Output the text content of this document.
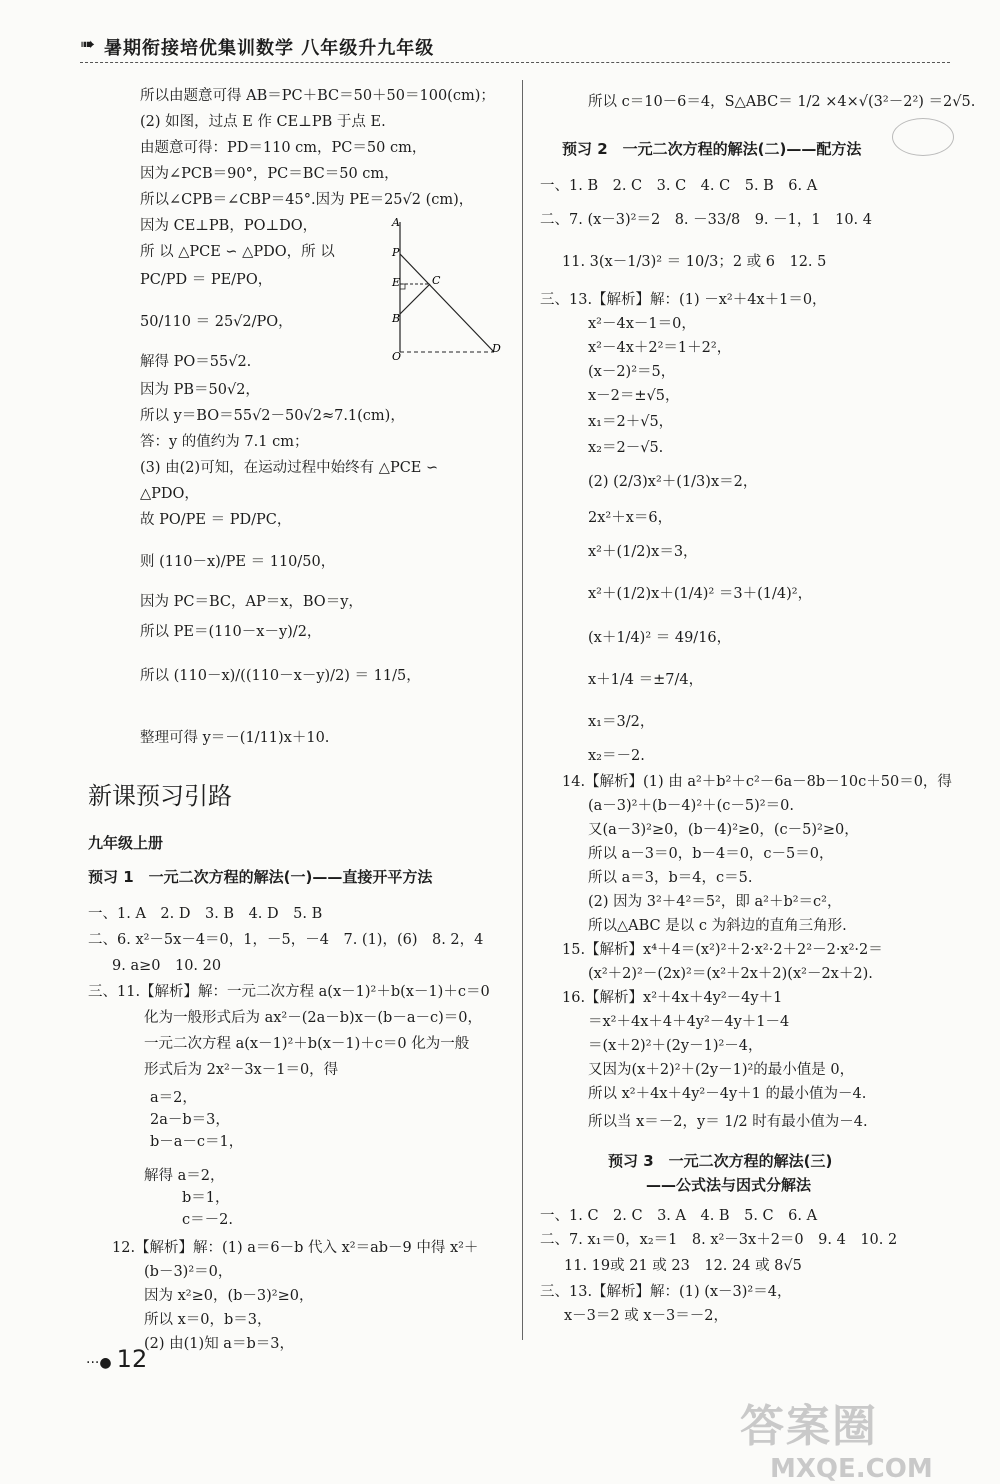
➠ 暑期衔接培优集训数学 八年级升九年级
所以由题意可得 AB＝PC＋BC＝50＋50＝100(cm)；
(2) 如图，过点 E 作 CE⊥PB 于点 E.
由题意可得：PD＝110 cm，PC＝50 cm，
因为∠PCB＝90°，PC＝BC＝50 cm，
所以∠CPB＝∠CBP＝45°.因为 PE＝25√2 (cm)，
因为 CE⊥PB，PO⊥DO，
所 以 △PCE ∽ △PDO，所 以
PC/PD ＝ PE/PO，
50/110 ＝ 25√2/PO，
解得 PO＝55√2.
因为 PB＝50√2，
所以 y＝BO＝55√2－50√2≈7.1(cm)，
答：y 的值约为 7.1 cm；
(3) 由(2)可知，在运动过程中始终有 △PCE ∽
△PDO，
故 PO/PE ＝ PD/PC，
则 (110－x)/PE ＝ 110/50，
因为 PC＝BC，AP＝x，BO＝y，
所以 PE＝(110－x－y)/2，
所以 (110－x)/((110－x－y)/2) ＝ 11/5，
整理可得 y＝－(1/11)x＋10.
A
P
E	C
B
O
D
新课预习引路
九年级上册
预习 1　一元二次方程的解法(一)——直接开平方法
一、1. A　2. D　3. B　4. D　5. B
二、6. x²－5x－4＝0，1，－5，－4　7. (1)，(6)　8. 2，4
9. a≥0　10. 20
三、11.【解析】解：一元二次方程 a(x－1)²＋b(x－1)＋c＝0
化为一般形式后为 ax²－(2a－b)x－(b－a－c)＝0，
一元二次方程 a(x－1)²＋b(x－1)＋c＝0 化为一般
形式后为 2x²－3x－1＝0，得
a＝2，
2a－b＝3，
b－a－c＝1，
解得 a＝2，
b＝1，
c＝－2.
12.【解析】解：(1) a＝6－b 代入 x²＝ab－9 中得 x²＋
(b－3)²＝0，
因为 x²≥0，(b－3)²≥0，
所以 x＝0，b＝3，
(2) 由(1)知 a＝b＝3，
所以 c＝10－6＝4，S△ABC＝ 1/2 ×4×√(3²－2²) ＝2√5.
预习 2　一元二次方程的解法(二)——配方法
一、1. B　2. C　3. C　4. C　5. B　6. A
二、7. (x－3)²＝2　8. －33/8　9. －1，1　10. 4
11. 3(x－1/3)² ＝ 10/3；2 或 6　12. 5
三、13.【解析】解：(1) －x²＋4x＋1＝0，
x²－4x－1＝0，
x²－4x＋2²＝1＋2²，
(x－2)²＝5，
x－2＝±√5，
x₁＝2＋√5，
x₂＝2－√5.
(2) (2/3)x²＋(1/3)x＝2，
2x²＋x＝6，
x²＋(1/2)x＝3，
x²＋(1/2)x＋(1/4)² ＝3＋(1/4)²，
(x＋1/4)² ＝ 49/16，
x＋1/4 ＝±7/4，
x₁＝3/2，
x₂＝－2.
14.【解析】(1) 由 a²＋b²＋c²－6a－8b－10c＋50＝0，得
(a－3)²＋(b－4)²＋(c－5)²＝0.
又(a－3)²≥0，(b－4)²≥0，(c－5)²≥0，
所以 a－3＝0，b－4＝0，c－5＝0，
所以 a＝3，b＝4，c＝5.
(2) 因为 3²＋4²＝5²，即 a²＋b²＝c²，
所以△ABC 是以 c 为斜边的直角三角形.
15.【解析】x⁴＋4＝(x²)²＋2·x²·2＋2²－2·x²·2＝
(x²＋2)²－(2x)²＝(x²＋2x＋2)(x²－2x＋2).
16.【解析】x²＋4x＋4y²－4y＋1
＝x²＋4x＋4＋4y²－4y＋1－4
＝(x＋2)²＋(2y－1)²－4，
又因为(x＋2)²＋(2y－1)²的最小值是 0，
所以 x²＋4x＋4y²－4y＋1 的最小值为－4.
所以当 x＝－2，y＝ 1/2 时有最小值为－4.
预习 3　一元二次方程的解法(三)
——公式法与因式分解法
一、1. C　2. C　3. A　4. B　5. C　6. A
二、7. x₁＝0，x₂＝1　8. x²－3x＋2＝0　9. 4　10. 2
11. 19或 21 或 23　12. 24 或 8√5
三、13.【解析】解：(1) (x－3)²＝4，
x－3＝2 或 x－3＝－2，
···● 12
答案圈
MXQE.COM
